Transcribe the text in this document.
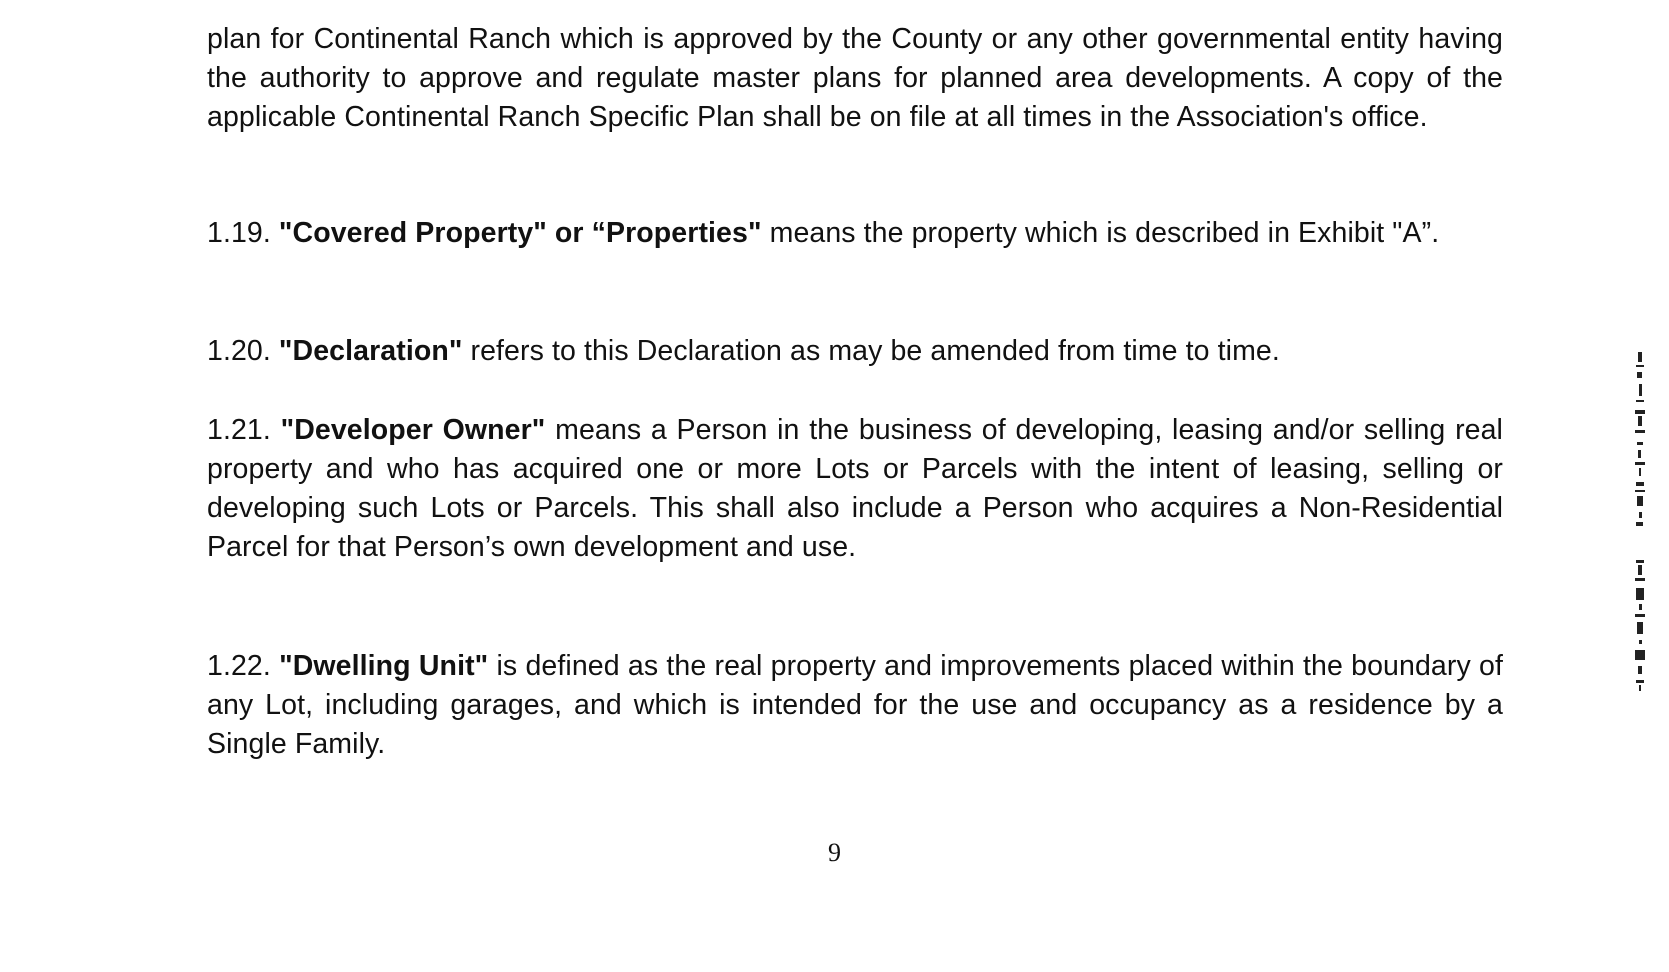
plan for Continental Ranch which is approved by the County or any other governmental entity having the authority to approve and regulate master plans for planned area developments. A copy of the applicable Continental Ranch Specific Plan shall be on file at all times in the Association's office.

1.19. "Covered Property" or “Properties" means the property which is described in Exhibit "A”.

1.20. "Declaration" refers to this Declaration as may be amended from time to time.

1.21. "Developer Owner" means a Person in the business of developing, leasing and/or selling real property and who has acquired one or more Lots or Parcels with the intent of leasing, selling or developing such Lots or Parcels. This shall also include a Person who acquires a Non-Residential Parcel for that Person’s own development and use.

1.22. "Dwelling Unit" is defined as the real property and improvements placed within the boundary of any Lot, including garages, and which is intended for the use and occupancy as a residence by a Single Family.

9
